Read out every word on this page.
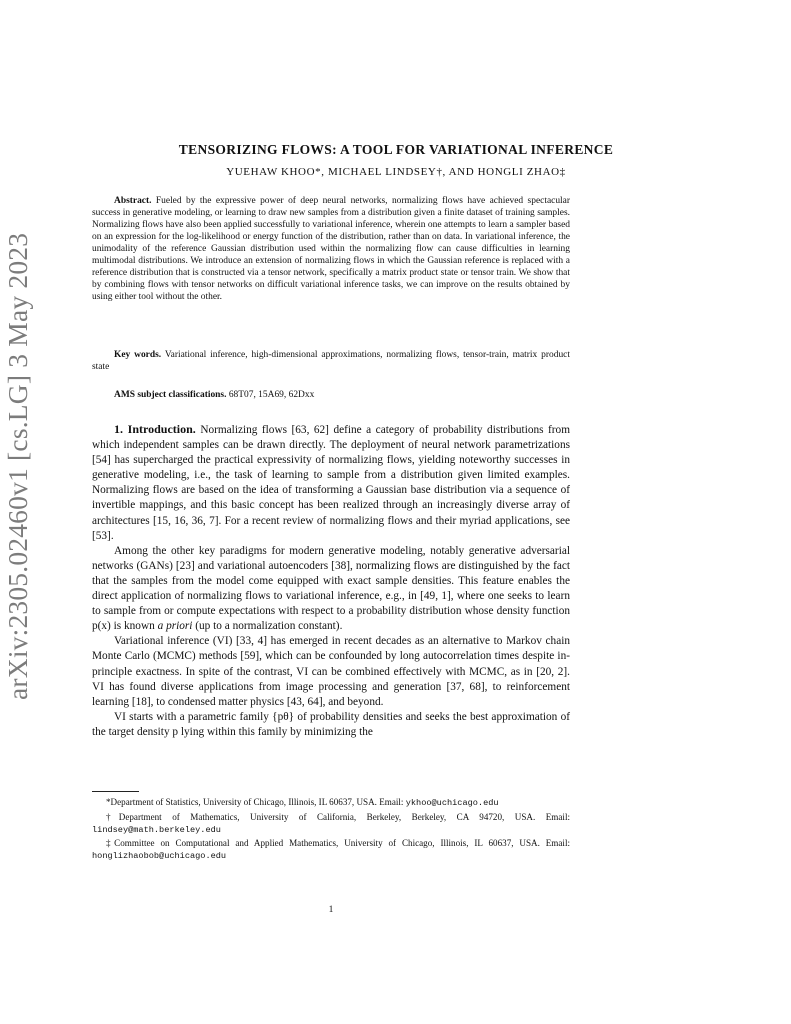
arXiv:2305.02460v1 [cs.LG] 3 May 2023
TENSORIZING FLOWS: A TOOL FOR VARIATIONAL INFERENCE
YUEHAW KHOO*, MICHAEL LINDSEY†, AND HONGLI ZHAO‡
Abstract. Fueled by the expressive power of deep neural networks, normalizing flows have achieved spectacular success in generative modeling, or learning to draw new samples from a distribution given a finite dataset of training samples. Normalizing flows have also been applied successfully to variational inference, wherein one attempts to learn a sampler based on an expression for the log-likelihood or energy function of the distribution, rather than on data. In variational inference, the unimodality of the reference Gaussian distribution used within the normalizing flow can cause difficulties in learning multimodal distributions. We introduce an extension of normalizing flows in which the Gaussian reference is replaced with a reference distribution that is constructed via a tensor network, specifically a matrix product state or tensor train. We show that by combining flows with tensor networks on difficult variational inference tasks, we can improve on the results obtained by using either tool without the other.
Key words. Variational inference, high-dimensional approximations, normalizing flows, tensor-train, matrix product state
AMS subject classifications. 68T07, 15A69, 62Dxx

1. Introduction. Normalizing flows [63, 62] define a category of probability distributions from which independent samples can be drawn directly. The deployment of neural network parametrizations [54] has supercharged the practical expressivity of normalizing flows, yielding noteworthy successes in generative modeling, i.e., the task of learning to sample from a distribution given limited examples. Normalizing flows are based on the idea of transforming a Gaussian base distribution via a sequence of invertible mappings, and this basic concept has been realized through an increasingly diverse array of architectures [15, 16, 36, 7]. For a recent review of normalizing flows and their myriad applications, see [53].

Among the other key paradigms for modern generative modeling, notably generative adversarial networks (GANs) [23] and variational autoencoders [38], normalizing flows are distinguished by the fact that the samples from the model come equipped with exact sample densities. This feature enables the direct application of normalizing flows to variational inference, e.g., in [49, 1], where one seeks to learn to sample from or compute expectations with respect to a probability distribution whose density function p(x) is known a priori (up to a normalization constant).

Variational inference (VI) [33, 4] has emerged in recent decades as an alternative to Markov chain Monte Carlo (MCMC) methods [59], which can be confounded by long autocorrelation times despite in-principle exactness. In spite of the contrast, VI can be combined effectively with MCMC, as in [20, 2]. VI has found diverse applications from image processing and generation [37, 68], to reinforcement learning [18], to condensed matter physics [43, 64], and beyond.

VI starts with a parametric family {pθ} of probability densities and seeks the best approximation of the target density p lying within this family by minimizing the

*Department of Statistics, University of Chicago, Illinois, IL 60637, USA. Email: ykhoo@uchicago.edu

†Department of Mathematics, University of California, Berkeley, Berkeley, CA 94720, USA. Email: lindsey@math.berkeley.edu

‡Committee on Computational and Applied Mathematics, University of Chicago, Illinois, IL 60637, USA. Email: honglizhaobob@uchicago.edu

1
